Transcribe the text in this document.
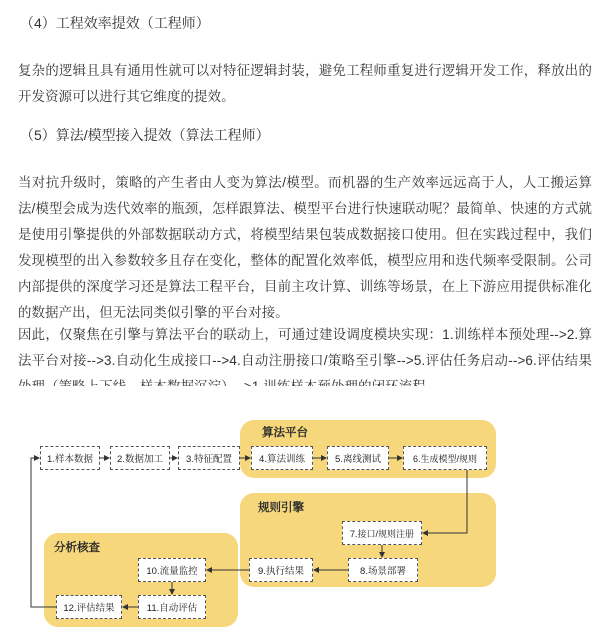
（4）工程效率提效（工程师）
复杂的逻辑且具有通用性就可以对特征逻辑封装，避免工程师重复进行逻辑开发工作，释放出的开发资源可以进行其它维度的提效。
（5）算法/模型接入提效（算法工程师）
当对抗升级时，策略的产生者由人变为算法/模型。而机器的生产效率远远高于人，人工搬运算法/模型会成为迭代效率的瓶颈，怎样跟算法、模型平台进行快速联动呢？最简单、快速的方式就是使用引擎提供的外部数据联动方式，将模型结果包装成数据接口使用。但在实践过程中，我们发现模型的出入参数较多且存在变化，整体的配置化效率低，模型应用和迭代频率受限制。公司内部提供的深度学习还是算法工程平台，目前主攻计算、训练等场景，在上下游应用提供标准化的数据产出，但无法同类似引擎的平台对接。
因此，仅聚焦在引擎与算法平台的联动上，可通过建设调度模块实现：1.训练样本预处理-->2.算法平台对接-->3.自动化生成接口-->4.自动注册接口/策略至引擎-->5.评估任务启动-->6.评估结果
算法平台
规则引擎
分析核查
1.样本数据	2.数据加工	3.特征配置	4.算法训练	5.离线测试	6.生成模型/规则
7.接口/规则注册
8.场景部署
9.执行结果
10.流量监控
11.自动评估
12.评估结果
